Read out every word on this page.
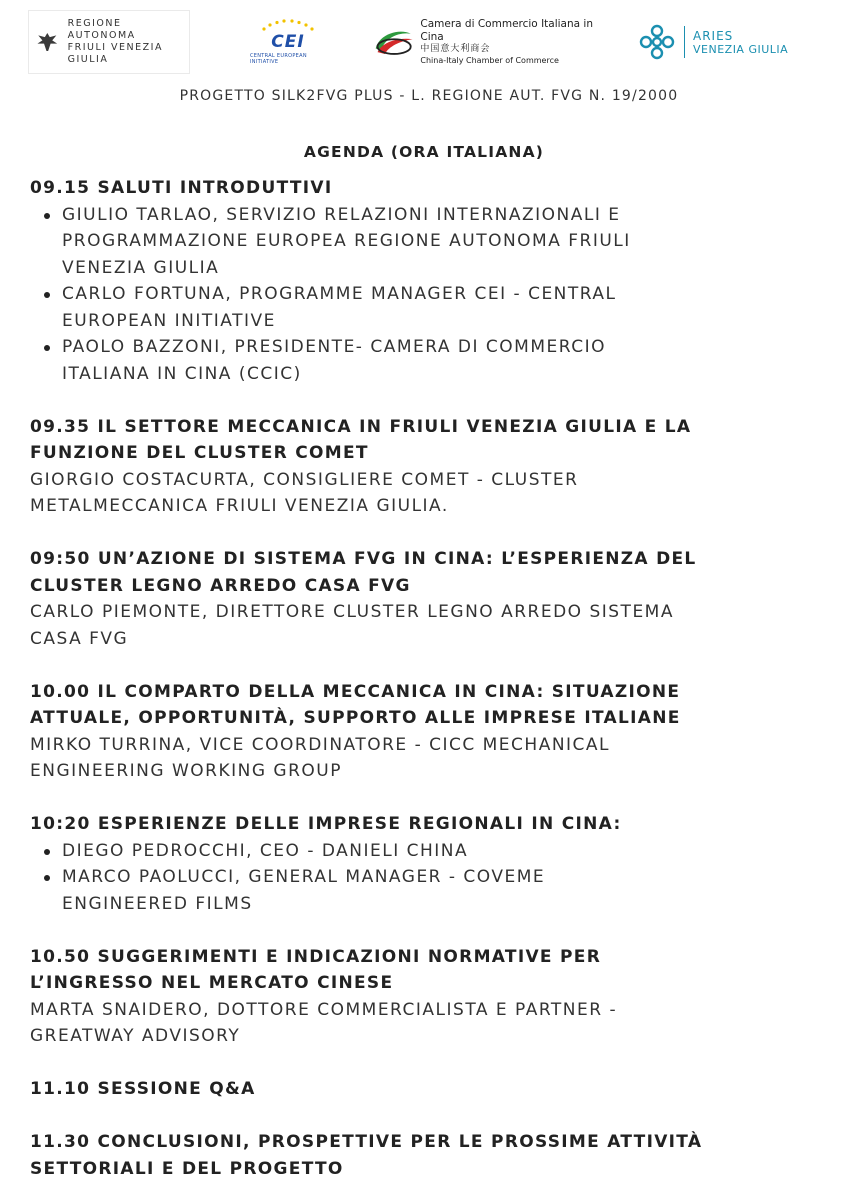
REGIONE AUTONOMA
FRIULI VENEZIA GIULIA
CEI
CENTRAL EUROPEAN INITIATIVE
Camera di Commercio Italiana in Cina
中国意大利商会
China-Italy Chamber of Commerce
ARIES
VENEZIA GIULIA
PROGETTO SILK2FVG PLUS - L. REGIONE AUT. FVG N. 19/2000
AGENDA (ORA ITALIANA)
09.15 SALUTI INTRODUTTIVI
GIULIO TARLAO, SERVIZIO RELAZIONI INTERNAZIONALI E
PROGRAMMAZIONE EUROPEA REGIONE AUTONOMA FRIULI
VENEZIA GIULIA
CARLO FORTUNA, PROGRAMME MANAGER CEI - CENTRAL
EUROPEAN INITIATIVE
PAOLO BAZZONI, PRESIDENTE- CAMERA DI COMMERCIO
ITALIANA IN CINA (CCIC)
09.35 IL SETTORE MECCANICA IN FRIULI VENEZIA GIULIA E LA
FUNZIONE DEL CLUSTER COMET
GIORGIO COSTACURTA, CONSIGLIERE COMET - CLUSTER
METALMECCANICA FRIULI VENEZIA GIULIA.
09:50 UN’AZIONE DI SISTEMA FVG IN CINA: L’ESPERIENZA DEL
CLUSTER LEGNO ARREDO CASA FVG
CARLO PIEMONTE, DIRETTORE CLUSTER LEGNO ARREDO SISTEMA
CASA FVG
10.00 IL COMPARTO DELLA MECCANICA IN CINA: SITUAZIONE
ATTUALE, OPPORTUNITÀ, SUPPORTO ALLE IMPRESE ITALIANE
MIRKO TURRINA, VICE COORDINATORE - CICC MECHANICAL
ENGINEERING WORKING GROUP
10:20 ESPERIENZE DELLE IMPRESE REGIONALI IN CINA:
DIEGO PEDROCCHI, CEO - DANIELI CHINA
MARCO PAOLUCCI, GENERAL MANAGER - COVEME
ENGINEERED FILMS
10.50 SUGGERIMENTI E INDICAZIONI NORMATIVE PER
L’INGRESSO NEL MERCATO CINESE
MARTA SNAIDERO, DOTTORE COMMERCIALISTA E PARTNER -
GREATWAY ADVISORY
11.10 SESSIONE Q&A
11.30 CONCLUSIONI, PROSPETTIVE PER LE PROSSIME ATTIVITÀ
SETTORIALI E DEL PROGETTO
